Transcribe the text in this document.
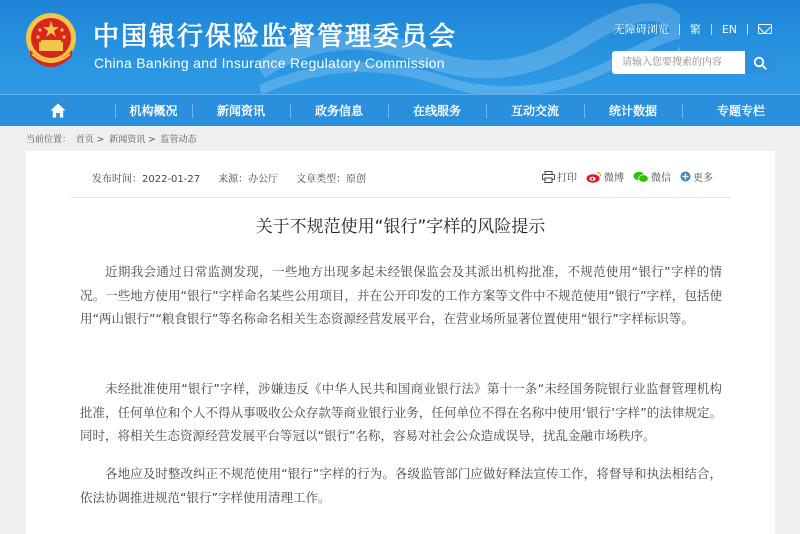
中国银行保险监督管理委员会
China Banking and Insurance Regulatory Commission
无障碍浏览 繁 EN
请输入您要搜索的内容
机构概况	新闻资讯	政务信息	在线服务	互动交流	统计数据	专题专栏
当前位置： 首页 > 新闻资讯 > 监管动态
发布时间：2022-01-27 来源：办公厅 文章类型：原创	打印	微博	微信 更多
关于不规范使用“银行”字样的风险提示

近期我会通过日常监测发现，一些地方出现多起未经银保监会及其派出机构批准，不规范使用“银行”字样的情况。一些地方使用“银行”字样命名某些公用项目，并在公开印发的工作方案等文件中不规范使用“银行”字样，包括使用“两山银行”“粮食银行”等名称命名相关生态资源经营发展平台，在营业场所显著位置使用“银行”字样标识等。

未经批准使用“银行”字样，涉嫌违反《中华人民共和国商业银行法》第十一条“未经国务院银行业监督管理机构批准，任何单位和个人不得从事吸收公众存款等商业银行业务，任何单位不得在名称中使用‘银行’字样”的法律规定。同时，将相关生态资源经营发展平台等冠以“银行”名称，容易对社会公众造成误导，扰乱金融市场秩序。

各地应及时整改纠正不规范使用“银行”字样的行为。各级监管部门应做好释法宣传工作，将督导和执法相结合，依法协调推进规范“银行”字样使用清理工作。
